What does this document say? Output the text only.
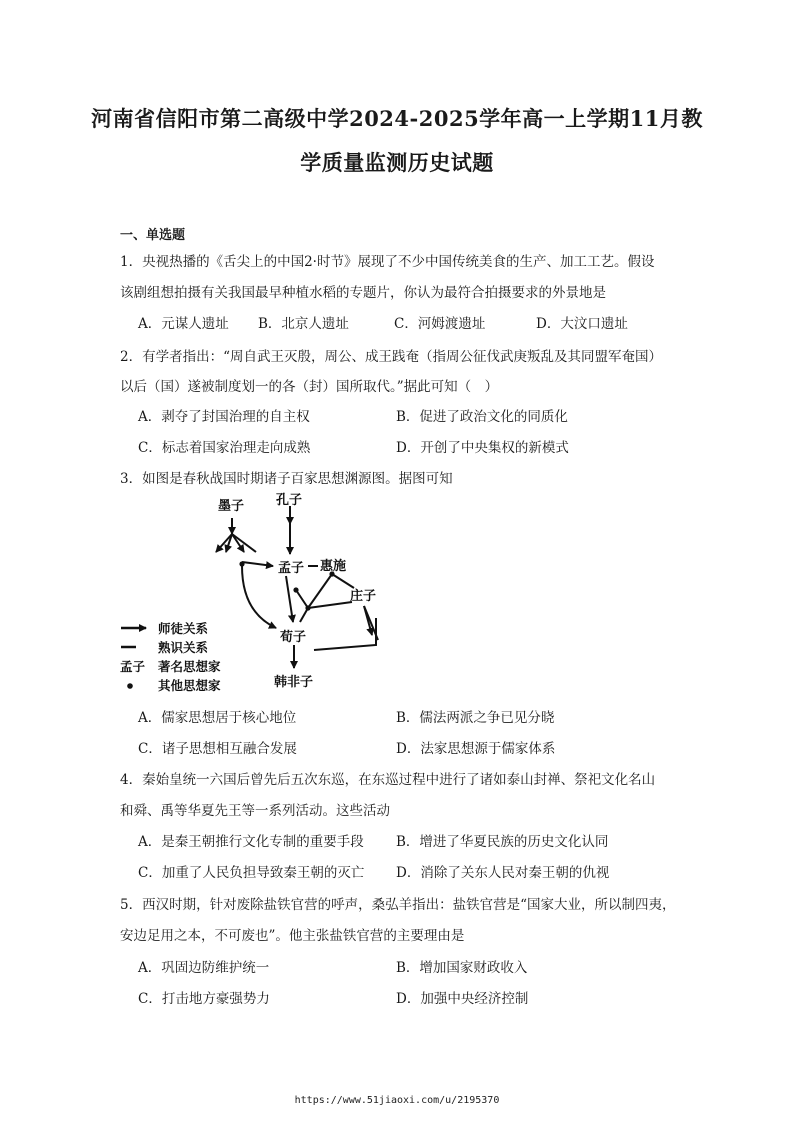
河南省信阳市第二高级中学2024-2025学年高一上学期11月教
学质量监测历史试题
一、单选题
1．央视热播的《舌尖上的中国2·时节》展现了不少中国传统美食的生产、加工工艺。假设
该剧组想拍摄有关我国最早种植水稻的专题片，你认为最符合拍摄要求的外景地是
A．元谋人遗址 B．北京人遗址	C．河姆渡遗址	D．大汶口遗址
2．有学者指出：“周自武王灭殷，周公、成王践奄（指周公征伐武庚叛乱及其同盟军奄国）
以后（国）遂被制度划一的各（封）国所取代。”据此可知（　）
A．剥夺了封国治理的自主权	B．促进了政治文化的同质化
C．标志着国家治理走向成熟	D．开创了中央集权的新模式
3．如图是春秋战国时期诸子百家思想渊源图。据图可知
墨子 孔子
孟子 惠施
庄子
荀子
韩非子
师徒关系
熟识关系
孟子 著名思想家
其他思想家
A．儒家思想居于核心地位	B．儒法两派之争已见分晓
C．诸子思想相互融合发展	D．法家思想源于儒家体系
4．秦始皇统一六国后曾先后五次东巡，在东巡过程中进行了诸如泰山封禅、祭祀文化名山
和舜、禹等华夏先王等一系列活动。这些活动
A．是秦王朝推行文化专制的重要手段 B．增进了华夏民族的历史文化认同
C．加重了人民负担导致秦王朝的灭亡 D．消除了关东人民对秦王朝的仇视
5．西汉时期，针对废除盐铁官营的呼声，桑弘羊指出：盐铁官营是“国家大业，所以制四夷，
安边足用之本，不可废也”。他主张盐铁官营的主要理由是
A．巩固边防维护统一	B．增加国家财政收入
C．打击地方豪强势力	D．加强中央经济控制
https://www.51jiaoxi.com/u/2195370
